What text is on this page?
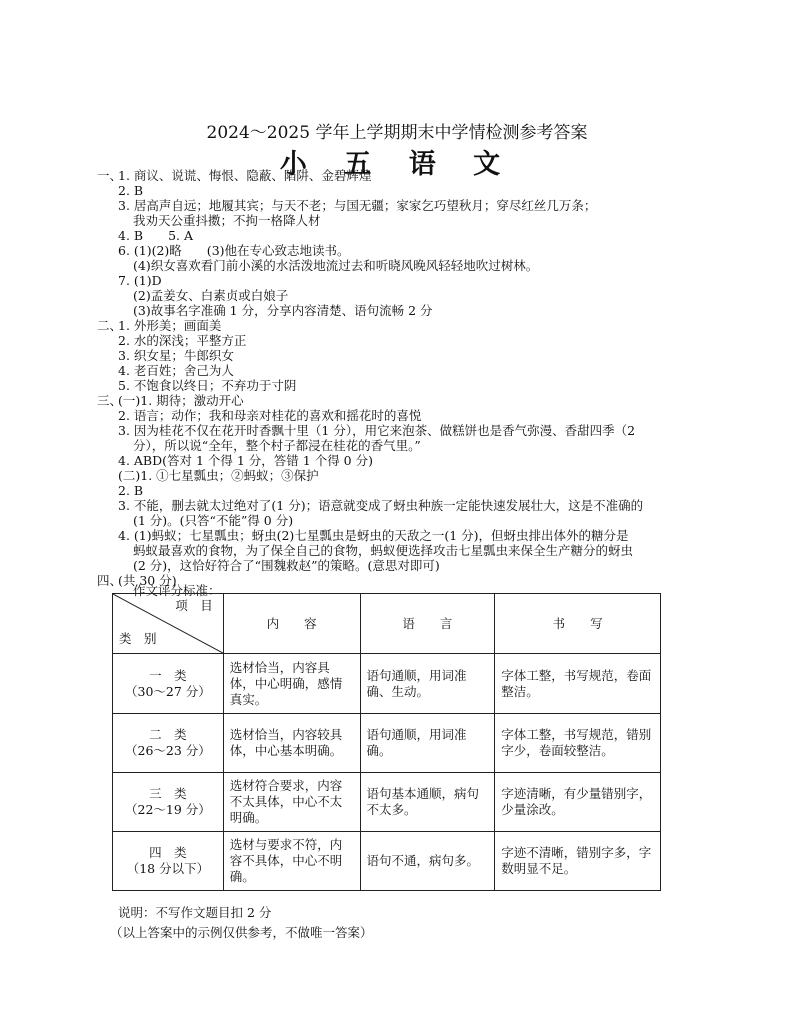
2024～2025 学年上学期期末中学情检测参考答案
小 五 语 文
一、
1. 商议、说谎、悔恨、隐蔽、陷阱、金碧辉煌
2. B
3. 居高声自远；地履其宾；与天不老；与国无疆；家家乞巧望秋月；穿尽红丝几万条；
我劝天公重抖擞；不拘一格降人材
4. B　　5. A
6. (1)(2)略　　(3)他在专心致志地读书。
(4)织女喜欢看门前小溪的水活泼地流过去和听晓风晚风轻轻地吹过树林。
7. (1)D
(2)孟姜女、白素贞或白娘子
(3)故事名字准确 1 分，分享内容清楚、语句流畅 2 分
二、
1. 外形美；画面美
2. 水的深浅；平整方正
3. 织女星；牛郎织女
4. 老百姓；舍己为人
5. 不饱食以终日；不弃功于寸阴
三、
(一)1. 期待；激动开心
2. 语言；动作；我和母亲对桂花的喜欢和摇花时的喜悦
3. 因为桂花不仅在花开时香飘十里（1 分），用它来泡茶、做糕饼也是香气弥漫、香甜四季（2
分），所以说“全年，整个村子都浸在桂花的香气里。”
4. ABD(答对 1 个得 1 分，答错 1 个得 0 分)
(二)1. ①七星瓢虫；②蚂蚁；③保护
2. B
3. 不能，删去就太过绝对了(1 分)；语意就变成了蚜虫种族一定能快速发展壮大，这是不准确的
(1 分)。(只答“不能”得 0 分)
4. (1)蚂蚁；七星瓢虫；蚜虫(2)七星瓢虫是蚜虫的天敌之一(1 分)，但蚜虫排出体外的糖分是
蚂蚁最喜欢的食物，为了保全自己的食物，蚂蚁便选择攻击七星瓢虫来保全生产糖分的蚜虫
(2 分)，这恰好符合了“围魏救赵”的策略。(意思对即可)
四、
(共 30 分)
作文评分标准：
项　目
类　别	内　　容	语　　言	书　　写

一　类
（30～27 分）	选材恰当，内容具体，中心明确，感情真实。	语句通顺，用词准确、生动。	字体工整，书写规范，卷面整洁。

二　类
（26～23 分）	选材恰当，内容较具体，中心基本明确。	语句通顺，用词准确。	字体工整，书写规范，错别字少，卷面较整洁。

三　类
（22～19 分）	选材符合要求，内容不太具体，中心不太明确。	语句基本通顺，病句不太多。	字迹清晰，有少量错别字，少量涂改。

四　类
（18 分以下）	选材与要求不符，内容不具体，中心不明确。	语句不通，病句多。	字迹不清晰，错别字多，字数明显不足。
说明：不写作文题目扣 2 分
（以上答案中的示例仅供参考，不做唯一答案）
